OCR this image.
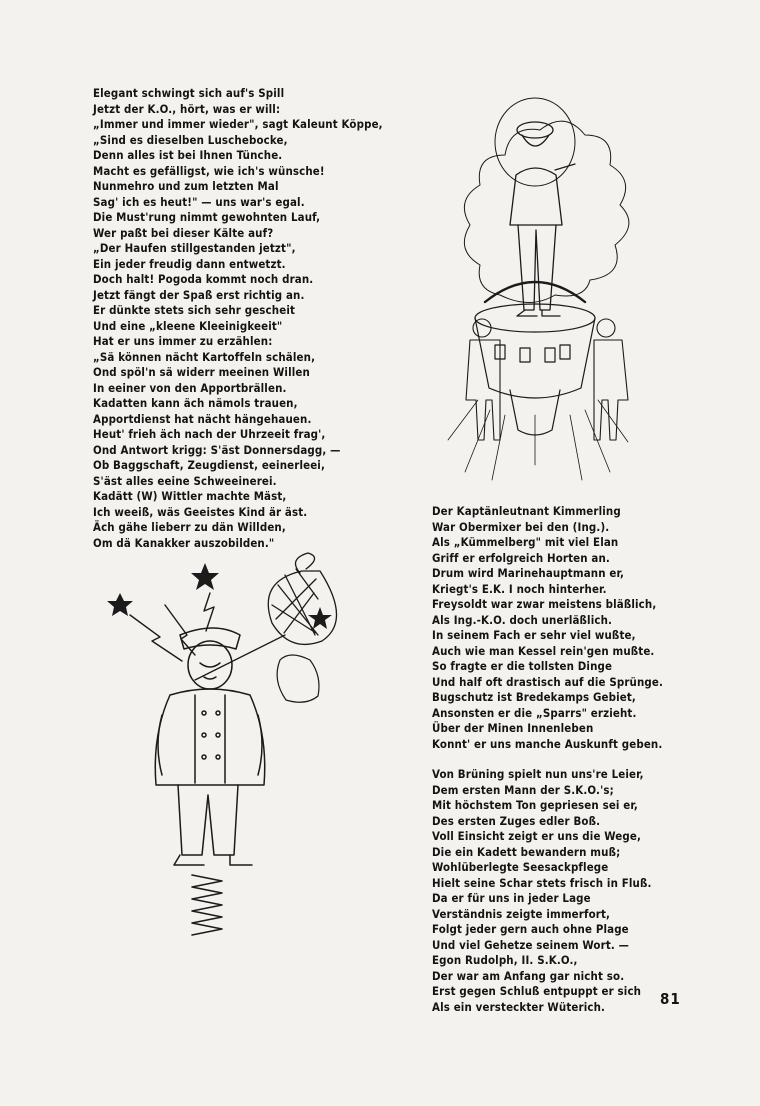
Elegant schwingt sich auf's Spill
Jetzt der K.O., hört, was er will:
„Immer und immer wieder", sagt Kaleunt Köppe,
„Sind es dieselben Luschebocke,
Denn alles ist bei Ihnen Tünche.
Macht es gefälligst, wie ich's wünsche!
Nunmehro und zum letzten Mal
Sag' ich es heut!" — uns war's egal.
Die Must'rung nimmt gewohnten Lauf,
Wer paßt bei dieser Kälte auf?
„Der Haufen stillgestanden jetzt",
Ein jeder freudig dann entwetzt.
Doch halt! Pogoda kommt noch dran.
Jetzt fängt der Spaß erst richtig an.
Er dünkte stets sich sehr gescheit
Und eine „kleene Kleeinigkeeit"
Hat er uns immer zu erzählen:
„Sä können nächt Kartoffeln schälen,
Ond spöl'n sä widerr meeinen Willen
In eeiner von den Apportbrällen.
Kadatten kann äch nämols trauen,
Apportdienst hat nächt hängehauen.
Heut' frieh äch nach der Uhrzeeit frag',
Ond Antwort krigg: S'äst Donnersdagg, —
Ob Baggschaft, Zeugdienst, eeinerleei,
S'äst alles eeine Schweeinerei.
Kadätt (W) Wittler machte Mäst,
Ich weeiß, wäs Geeistes Kind är äst.
Äch gähe lieberr zu dän Willden,
Om dä Kanakker auszobilden."
Der Kaptänleutnant Kimmerling
War Obermixer bei den (Ing.).
Als „Kümmelberg" mit viel Elan
Griff er erfolgreich Horten an.
Drum wird Marinehauptmann er,
Kriegt's E.K. I noch hinterher.
Freysoldt war zwar meistens bläßlich,
Als Ing.-K.O. doch unerläßlich.
In seinem Fach er sehr viel wußte,
Auch wie man Kessel rein'gen mußte.
So fragte er die tollsten Dinge
Und half oft drastisch auf die Sprünge.
Bugschutz ist Bredekamps Gebiet,
Ansonsten er die „Sparrs" erzieht.
Über der Minen Innenleben
Konnt' er uns manche Auskunft geben.
Von Brüning spielt nun uns're Leier,
Dem ersten Mann der S.K.O.'s;
Mit höchstem Ton gepriesen sei er,
Des ersten Zuges edler Boß.
Voll Einsicht zeigt er uns die Wege,
Die ein Kadett bewandern muß;
Wohlüberlegte Seesackpflege
Hielt seine Schar stets frisch in Fluß.
Da er für uns in jeder Lage
Verständnis zeigte immerfort,
Folgt jeder gern auch ohne Plage
Und viel Gehetze seinem Wort. —
Egon Rudolph, II. S.K.O.,
Der war am Anfang gar nicht so.
Erst gegen Schluß entpuppt er sich
Als ein versteckter Wüterich.	81
